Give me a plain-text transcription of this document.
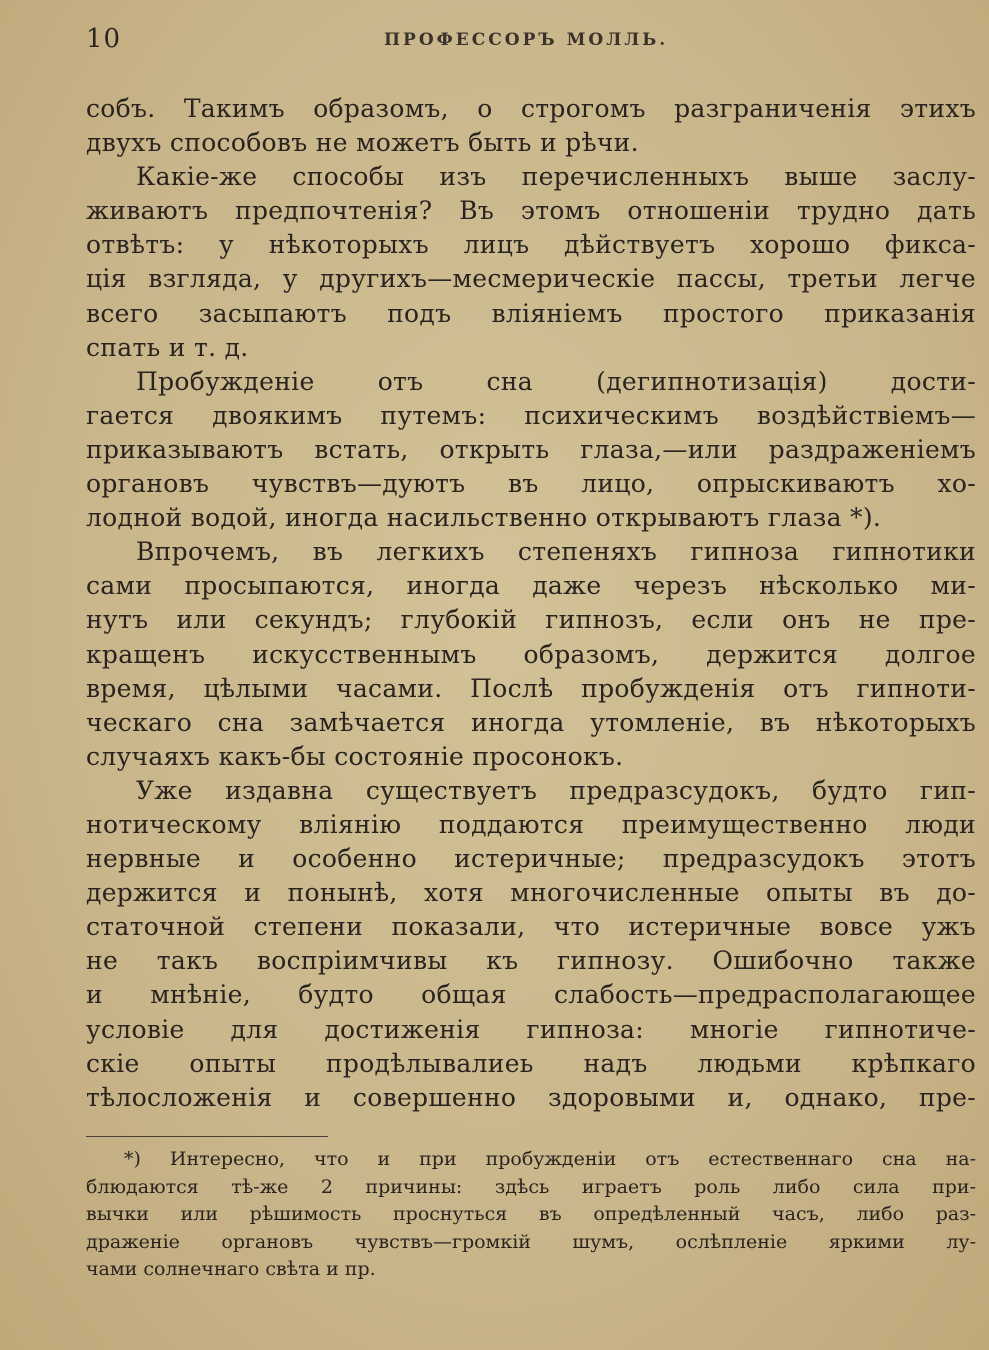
10	ПРОФЕССОРЪ МОЛЛЬ.
собъ. Такимъ образомъ, о строгомъ разграниченія этихъ
двухъ способовъ не можетъ быть и рѣчи.
Какіе-же способы изъ перечисленныхъ выше заслу-
живаютъ предпочтенія? Въ этомъ отношеніи трудно дать
отвѣтъ: у нѣкоторыхъ лицъ дѣйствуетъ хорошо фикса-
ція взгляда, у другихъ—месмерическіе пассы, третьи легче
всего засыпаютъ подъ вліяніемъ простого приказанія
спать и т. д.
Пробужденіе отъ сна (дегипнотизація) дости-
гается двоякимъ путемъ: психическимъ воздѣйствіемъ—
приказываютъ встать, открыть глаза,—или раздраженіемъ
органовъ чувствъ—дуютъ въ лицо, опрыскиваютъ хо-
лодной водой, иногда насильственно открываютъ глаза *).
Впрочемъ, въ легкихъ степеняхъ гипноза гипнотики
сами просыпаются, иногда даже черезъ нѣсколько ми-
нутъ или секундъ; глубокій гипнозъ, если онъ не пре-
кращенъ искусственнымъ образомъ, держится долгое
время, цѣлыми часами. Послѣ пробужденія отъ гипноти-
ческаго сна замѣчается иногда утомленіе, въ нѣкоторыхъ
случаяхъ какъ-бы состояніе просонокъ.
Уже издавна существуетъ предразсудокъ, будто гип-
нотическому вліянію поддаются преимущественно люди
нервные и особенно истеричные; предразсудокъ этотъ
держится и понынѣ, хотя многочисленные опыты въ до-
статочной степени показали, что истеричные вовсе ужъ
не такъ воспріимчивы къ гипнозу. Ошибочно также
и мнѣніе, будто общая слабость—предрасполагающее
условіе для достиженія гипноза: многіе гипнотиче-
скіе опыты продѣлывалиеь надъ людьми крѣпкаго
тѣлосложенія и совершенно здоровыми и, однако, пре-
*) Интересно, что и при пробужденіи отъ естественнаго сна на-
блюдаются тѣ-же 2 причины: здѣсь играетъ роль либо сила при-
вычки или рѣшимость проснуться въ опредѣленный часъ, либо раз-
драженіе органовъ чувствъ—громкій шумъ, ослѣпленіе яркими лу-
чами солнечнаго свѣта и пр.
